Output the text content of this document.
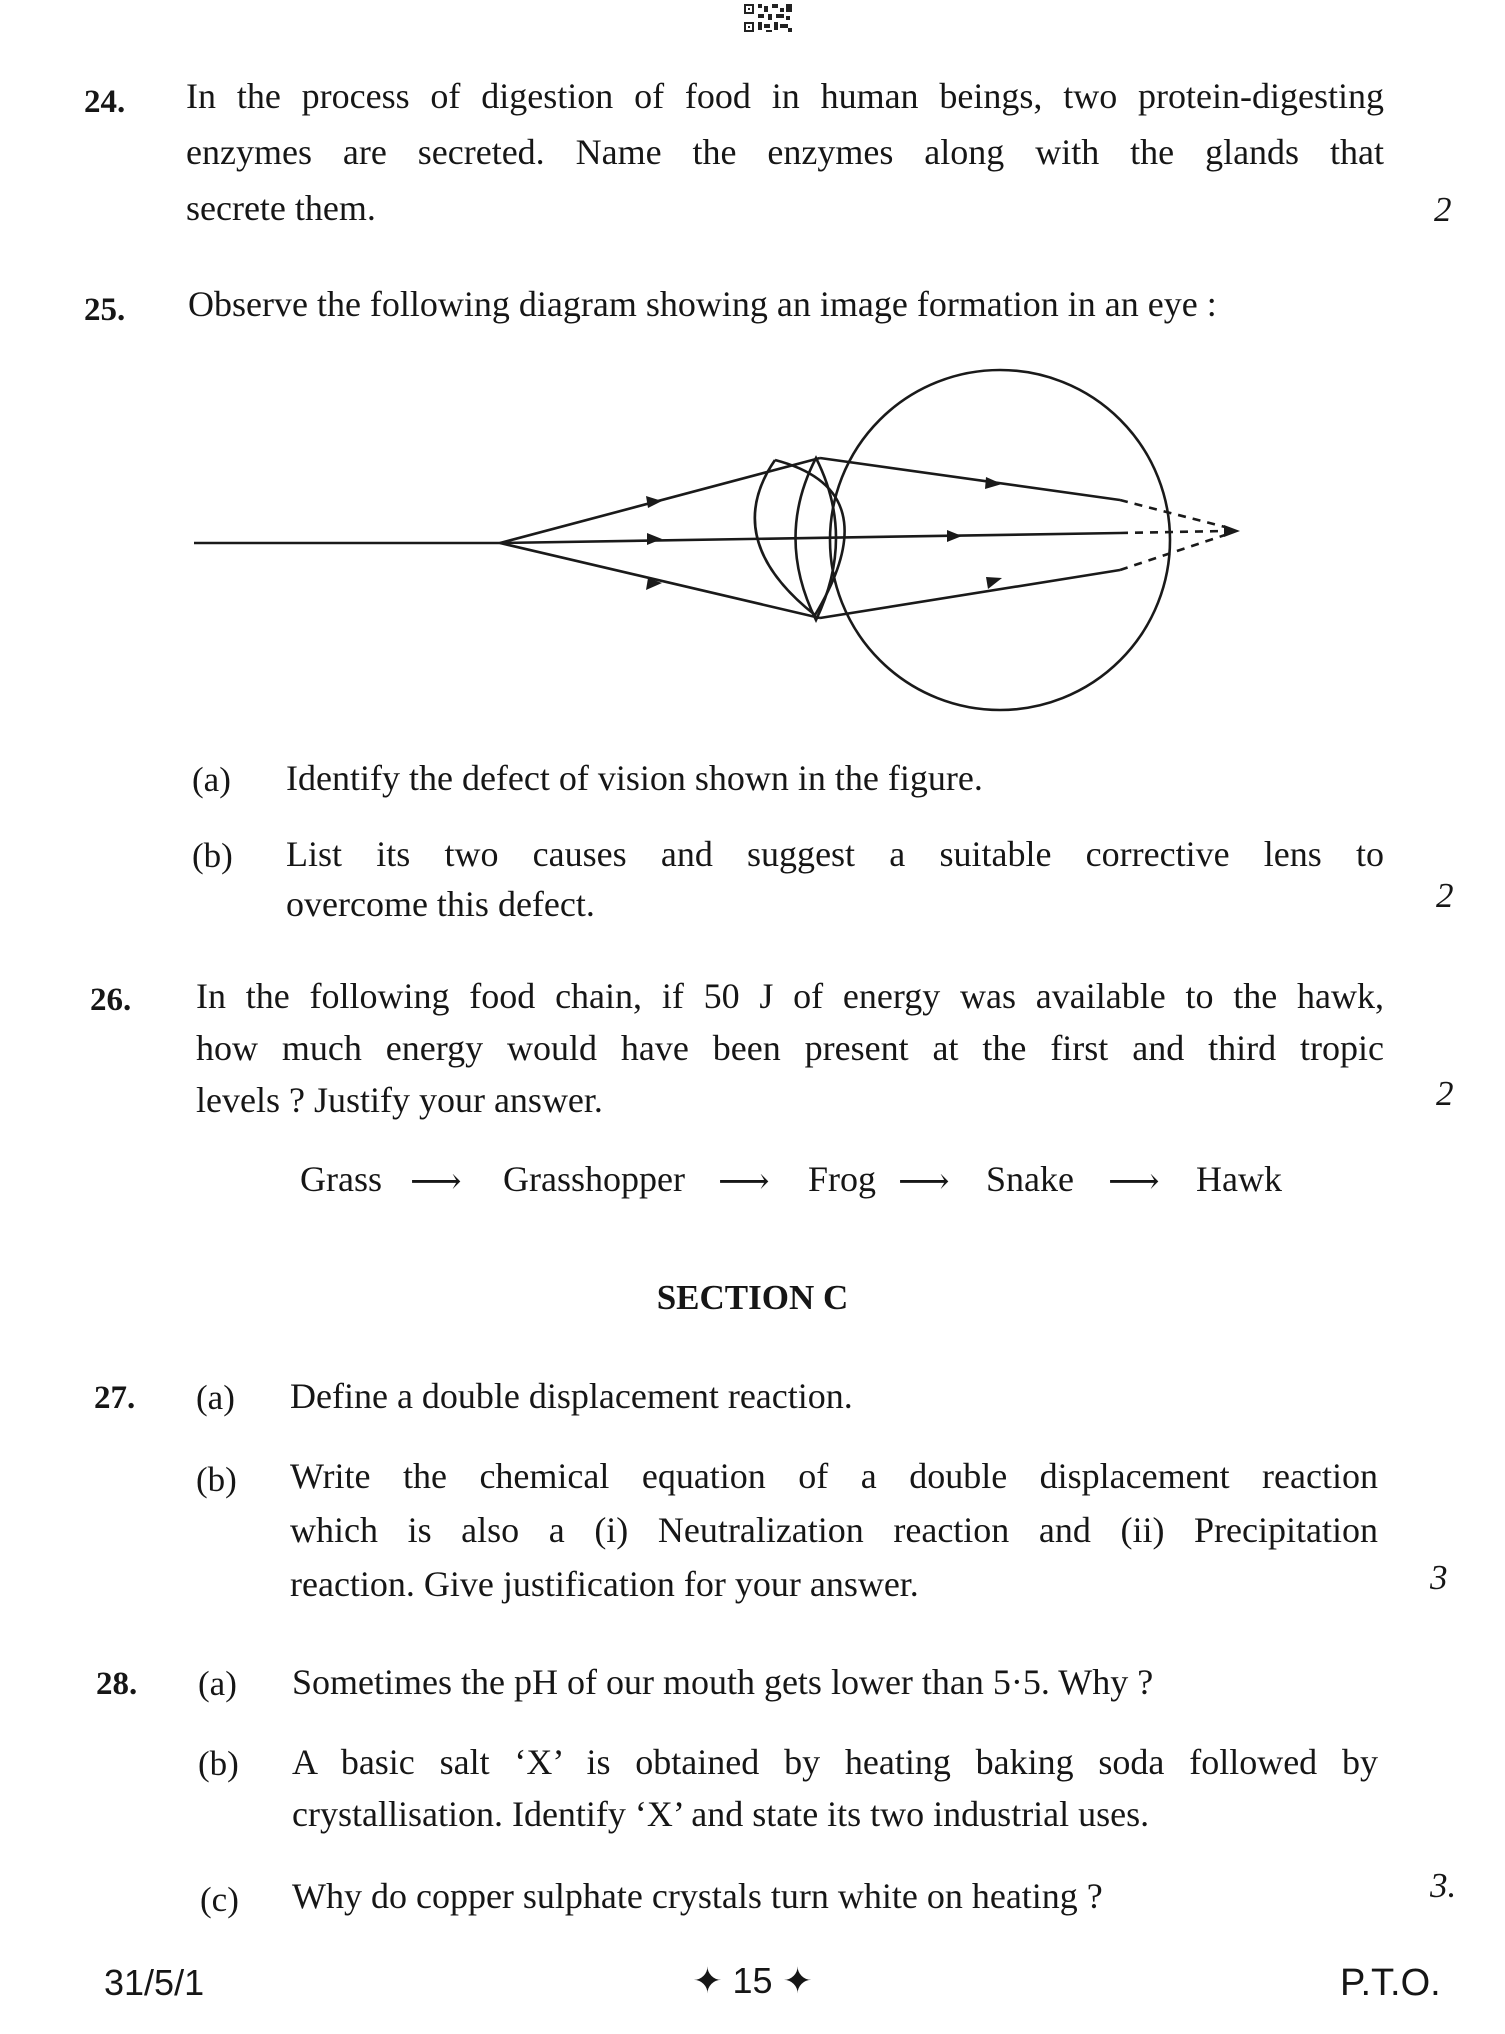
24. In the process of digestion of food in human beings, two protein-digesting
enzymes are secreted. Name the enzymes along with the glands that
secrete them.	2
25. Observe the following diagram showing an image formation in an eye :
(a) Identify the defect of vision shown in the figure.
(b) List its two causes and suggest a suitable corrective lens to
overcome this defect.	2
26. In the following food chain, if 50 J of energy was available to the hawk,
how much energy would have been present at the first and third tropic
levels ? Justify your answer.	2
Grass ⟶ Grasshopper ⟶ Frog ⟶ Snake ⟶ Hawk
SECTION C
27. (a) Define a double displacement reaction.
(b) Write the chemical equation of a double displacement reaction
which is also a (i) Neutralization reaction and (ii) Precipitation
reaction. Give justification for your answer.	3
28. (a) Sometimes the pH of our mouth gets lower than 5·5. Why ?
(b) A basic salt ‘X’ is obtained by heating baking soda followed by
crystallisation. Identify ‘X’ and state its two industrial uses.
(c) Why do copper sulphate crystals turn white on heating ?	3.
31/5/1	✦ 15 ✦	P.T.O.
